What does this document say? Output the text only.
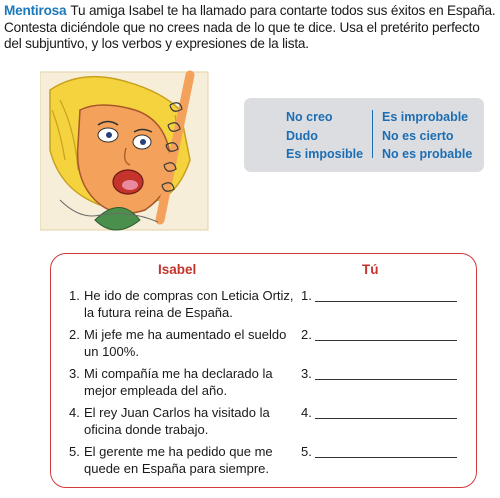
Mentirosa Tu amiga Isabel te ha llamado para contarte todos sus éxitos en España. Contesta diciéndole que no crees nada de lo que te dice. Usa el pretérito perfecto del subjuntivo, y los verbos y expresiones de la lista.
No creo
Dudo
Es imposible
Es improbable
No es cierto
No es probable
Isabel	Tú
1. He ido de compras con Leticia Ortiz,
la futura reina de España.
1.
2. Mi jefe me ha aumentado el sueldo
un 100%.
2.
3. Mi compañía me ha declarado la
mejor empleada del año.
3.
4. El rey Juan Carlos ha visitado la
oficina donde trabajo.
4.
5. El gerente me ha pedido que me
quede en España para siempre.
5.
